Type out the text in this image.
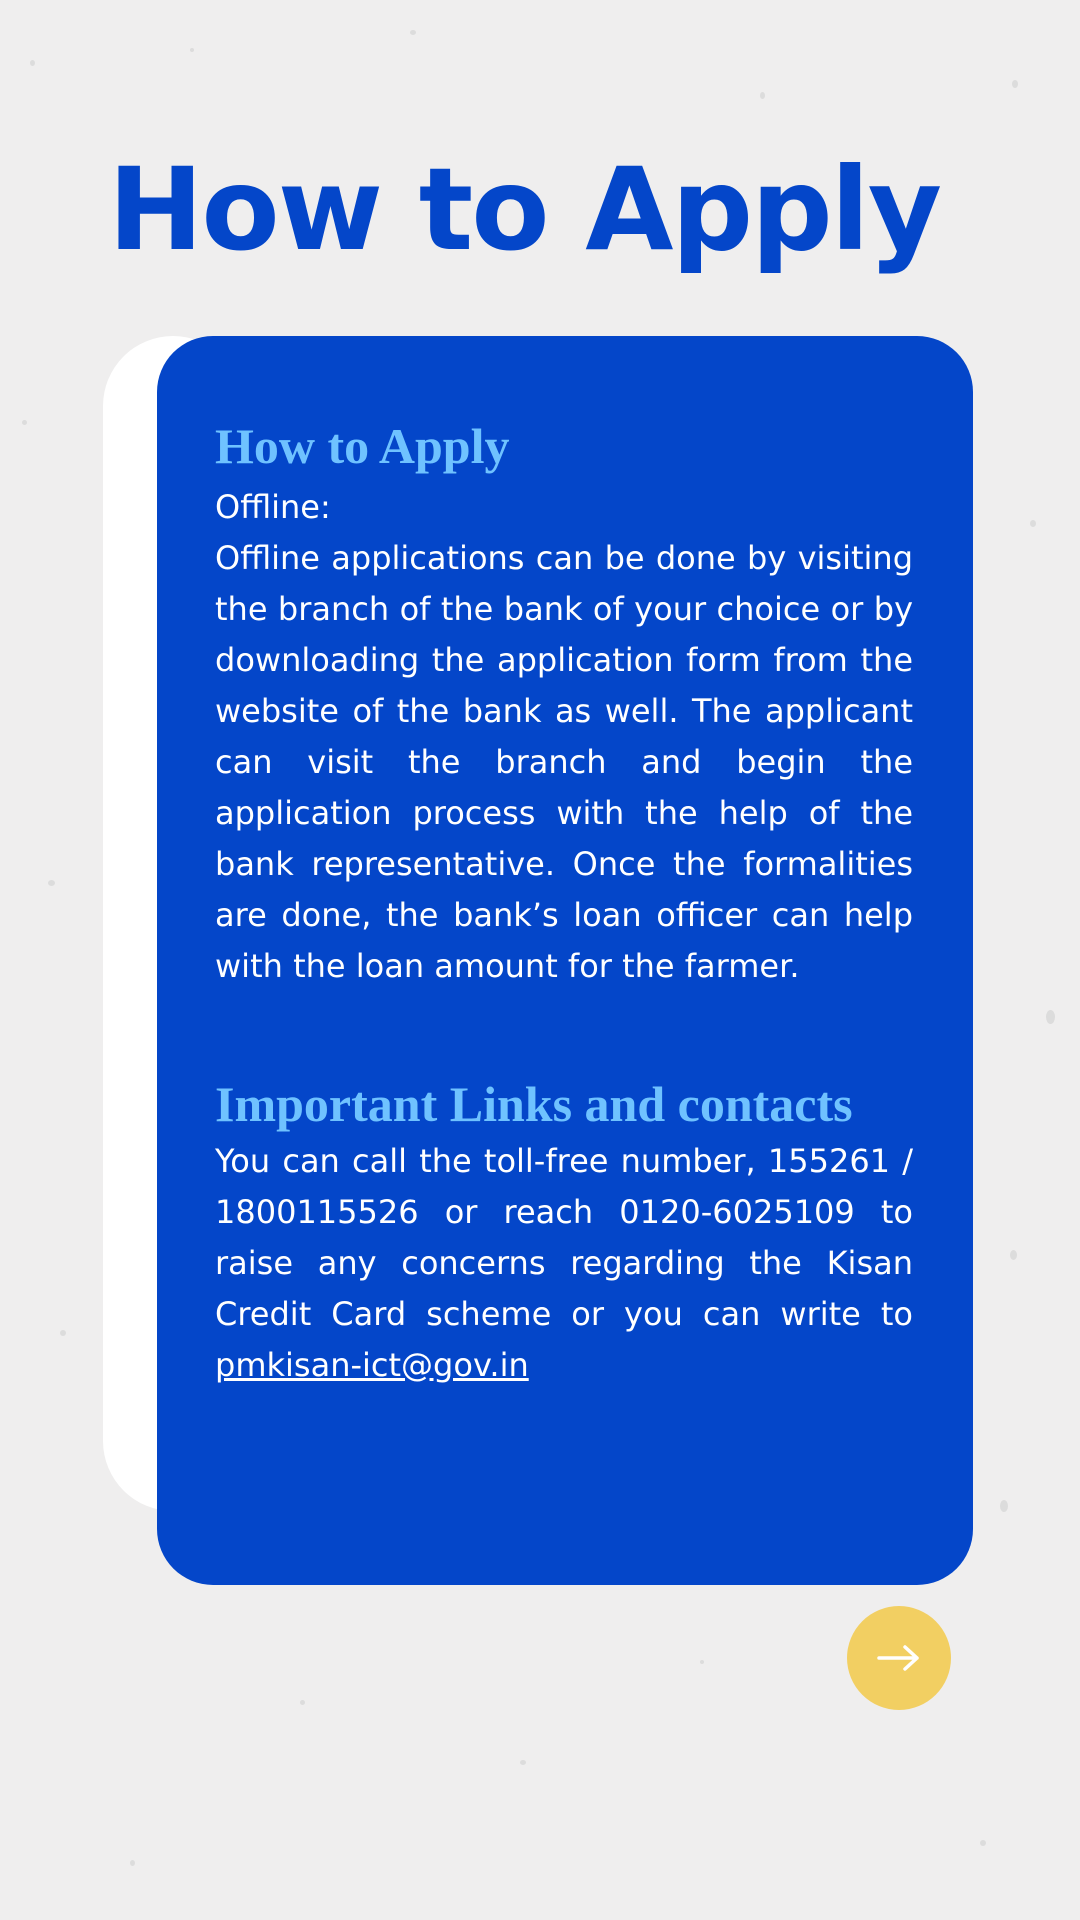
How to Apply
How to Apply

Offline:

Offline applications can be done by visiting the branch of the bank of your choice or by downloading the application form from the website of the bank as well. The applicant can visit the branch and begin the application process with the help of the bank representative. Once the formalities are done, the bank’s loan officer can help with the loan amount for the farmer.

Important Links and contacts

You can call the toll-free number, 155261 / 1800115526 or reach 0120-6025109 to raise any concerns regarding the Kisan Credit Card scheme or you can write to pmkisan-ict@gov.in
